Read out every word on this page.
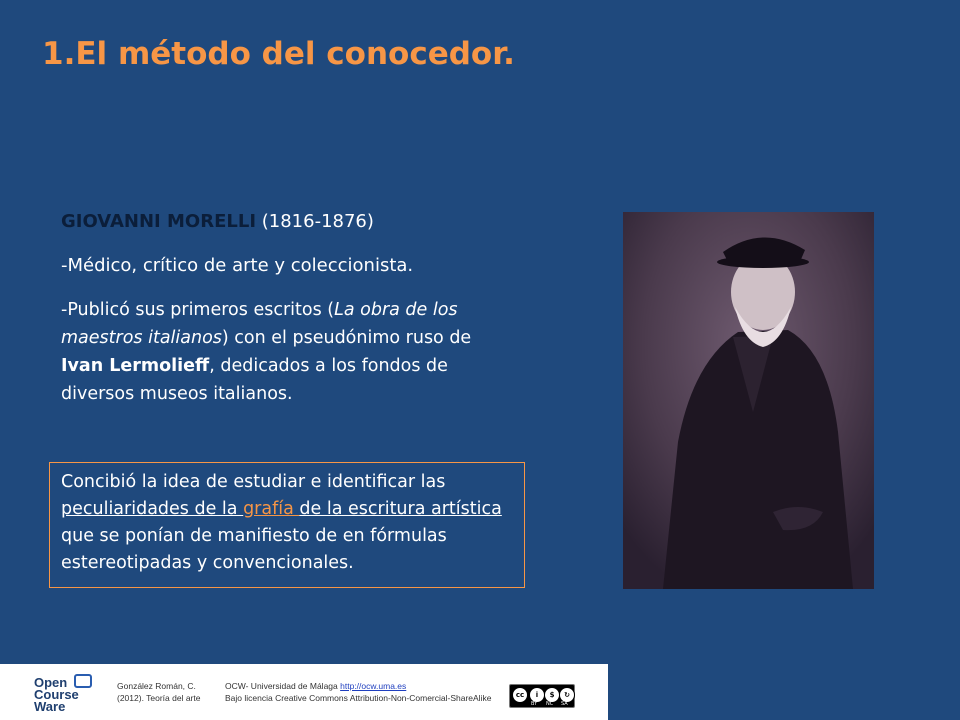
1.El método del conocedor.
GIOVANNI MORELLI (1816-1876)
-Médico, crítico de arte y coleccionista.
-Publicó sus primeros escritos (La obra de los maestros italianos) con el pseudónimo ruso de Ivan Lermolieff, dedicados a los fondos de diversos museos italianos.
Concibió la idea de estudiar e identificar las peculiaridades de la grafía de la escritura artística que se ponían de manifiesto de en fórmulas estereotipadas y convencionales.
Open
Course
Ware
González Román, C.
(2012). Teoría del arte
OCW- Universidad de Málaga http://ocw.uma.es
Bajo licencia Creative Commons Attribution-Non-Comercial-ShareAlike	cc	i	$	↻
BY NC SA
